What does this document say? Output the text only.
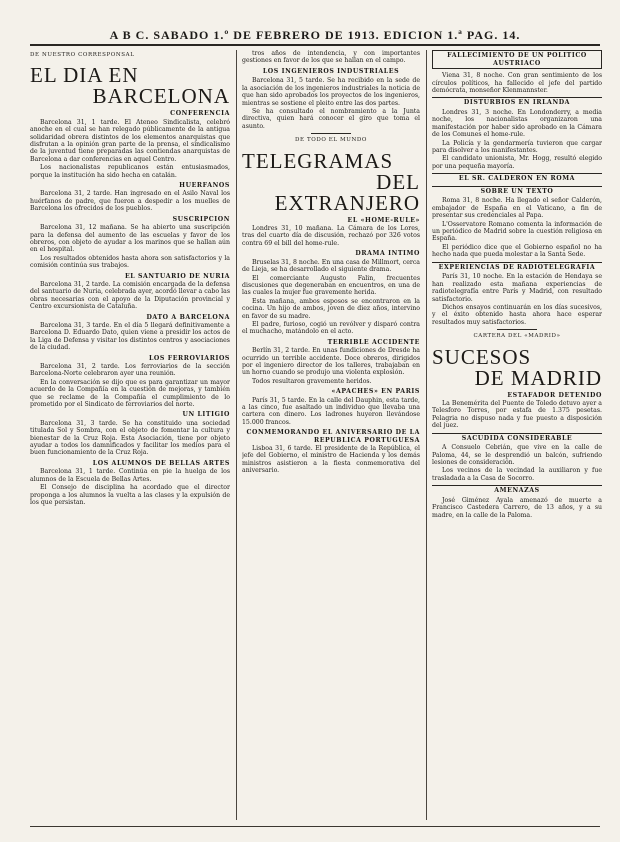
A B C. SABADO 1.º DE FEBRERO DE 1913. EDICION 1.ª PAG. 14.
DE NUESTRO CORRESPONSAL
EL DIA EN
BARCELONA
CONFERENCIA

Barcelona 31, 1 tarde. El Ateneo Sindicalista, celebró anoche en el cual se han relegado públicamente de la antigua solidaridad obrera distintos de los elementos anarquistas que disfrutan a la opinión gran parte de la prensa, el sindicalismo de la juventud tiene preparadas las contiendas anarquistas de Barcelona a dar conferencias en aquel Centro.

Los nacionalistas republicanos están entusiasmados, porque la institución ha sido hecha en catalán.

HUERFANOS

Barcelona 31, 2 tarde. Han ingresado en el Asilo Naval los huérfanos de padre, que fueron a despedir a los muelles de Barcelona los ofrecidos de los pueblos.

SUSCRIPCION

Barcelona 31, 12 mañana. Se ha abierto una suscripción para la defensa del aumento de las escuelas y favor de los obreros, con objeto de ayudar a los marinos que se hallan aún en el hospital.

Los resultados obtenidos hasta ahora son satisfactorios y la comisión continúa sus trabajos.

EL SANTUARIO DE NURIA

Barcelona 31, 2 tarde. La comisión encargada de la defensa del santuario de Nuria, celebrada ayer, acordó llevar a cabo las obras necesarias con el apoyo de la Diputación provincial y Centro excursionista de Cataluña.

DATO A BARCELONA

Barcelona 31, 3 tarde. En el día 5 llegará definitivamente a Barcelona D. Eduardo Dato, quien viene a presidir los actos de la Liga de Defensa y visitar los distintos centros y asociaciones de la ciudad.

LOS FERROVIARIOS

Barcelona 31, 2 tarde. Los ferroviarios de la sección Barcelona-Norte celebraron ayer una reunión.

En la conversación se dijo que es para garantizar un mayor acuerdo de la Compañía en la cuestión de mejoras, y también que se reclame de la Compañía el cumplimiento de lo prometido por el Sindicato de ferroviarios del norte.

UN LITIGIO

Barcelona 31, 3 tarde. Se ha constituido una sociedad titulada Sol y Sombra, con el objeto de fomentar la cultura y bienestar de la Cruz Roja. Esta Asociación, tiene por objeto ayudar a todos los damnificados y facilitar los medios para el buen funcionamiento de la Cruz Roja.

LOS ALUMNOS DE BELLAS ARTES

Barcelona 31, 1 tarde. Continúa en pie la huelga de los alumnos de la Escuela de Bellas Artes.

El Consejo de disciplina ha acordado que el director proponga a los alumnos la vuelta a las clases y la expulsión de los que persistan.

tros años de intendencia, y con importantes gestiones en favor de los que se hallan en el campo.

LOS INGENIEROS INDUSTRIALES

Barcelona 31, 5 tarde. Se ha recibido en la sede de la asociación de los ingenieros industriales la noticia de que han sido aprobados los proyectos de los ingenieros, mientras se sostiene el pleito entre las dos partes.

Se ha consultado el nombramiento a la Junta directiva, quien hará conocer el giro que toma el asunto.

DE TODO EL MUNDO
TELEGRAMAS
DEL EXTRANJERO
EL «HOME-RULE»

Londres 31, 10 mañana. La Cámara de los Lores, tras del cuarto día de discusión, rechazó por 326 votos contra 69 el bill del home-rule.

DRAMA INTIMO

Bruselas 31, 8 noche. En una casa de Millmort, cerca de Lieja, se ha desarrollado el siguiente drama.

El comerciante Augusto Falin, frecuentes discusiones que degeneraban en encuentros, en una de las cuales la mujer fue gravemente herida.

Esta mañana, ambos esposos se encontraron en la cocina. Un hijo de ambos, joven de diez años, intervino en favor de su madre.

El padre, furioso, cogió un revólver y disparó contra el muchacho, matándolo en el acto.

TERRIBLE ACCIDENTE

Berlín 31, 2 tarde. En unas fundiciones de Dresde ha ocurrido un terrible accidente. Doce obreros, dirigidos por el ingeniero director de los talleres, trabajaban en un horno cuando se produjo una violenta explosión.

Todos resultaron gravemente heridos.

«APACHES» EN PARIS

París 31, 5 tarde. En la calle del Dauphin, esta tarde, a las cinco, fue asaltado un individuo que llevaba una cartera con dinero. Los ladrones huyeron llevándose 15.000 francos.

CONMEMORANDO EL ANIVERSARIO DE LA REPUBLICA PORTUGUESA

Lisboa 31, 6 tarde. El presidente de la República, el jefe del Gobierno, el ministro de Hacienda y los demás ministros asistieron a la fiesta conmemorativa del aniversario.

FALLECIMIENTO DE UN POLITICO AUSTRIACO

Viena 31, 8 noche. Con gran sentimiento de los círculos políticos, ha fallecido el jefe del partido demócrata, monseñor Klenmannster.

DISTURBIOS EN IRLANDA

Londres 31, 3 noche. En Londonderry, a media noche, los nacionalistas organizaron una manifestación por haber sido aprobado en la Cámara de los Comunes el home-rule.

La Policía y la gendarmería tuvieron que cargar para disolver a los manifestantes.

El candidato unionista, Mr. Hogg, resultó elegido por una pequeña mayoría.

EL SR. CALDERON EN ROMA
SOBRE UN TEXTO

Roma 31, 8 noche. Ha llegado el señor Calderón, embajador de España en el Vaticano, a fin de presentar sus credenciales al Papa.

L'Osservatore Romano comenta la información de un periódico de Madrid sobre la cuestión religiosa en España.

El periódico dice que el Gobierno español no ha hecho nada que pueda molestar a la Santa Sede.

EXPERIENCIAS DE RADIOTELEGRAFIA

París 31, 10 noche. En la estación de Hendaya se han realizado esta mañana experiencias de radiotelegrafía entre París y Madrid, con resultado satisfactorio.

Dichos ensayos continuarán en los días sucesivos, y el éxito obtenido hasta ahora hace esperar resultados muy satisfactorios.

CARTERA DEL «MADRID»
SUCESOS
DE MADRID
ESTAFADOR DETENIDO

La Benemérita del Puente de Toledo detuvo ayer a Telesforo Torres, por estafa de 1.375 pesetas. Pelagria no dispuso nada y fue puesto a disposición del juez.

SACUDIDA CONSIDERABLE

A Consuelo Cebrián, que vive en la calle de Paloma, 44, se le desprendió un balcón, sufriendo lesiones de consideración.

Los vecinos de la vecindad la auxiliaron y fue trasladada a la Casa de Socorro.

AMENAZAS

José Giménez Ayala amenazó de muerte a Francisco Castedera Carrero, de 13 años, y a su madre, en la calle de la Paloma.
